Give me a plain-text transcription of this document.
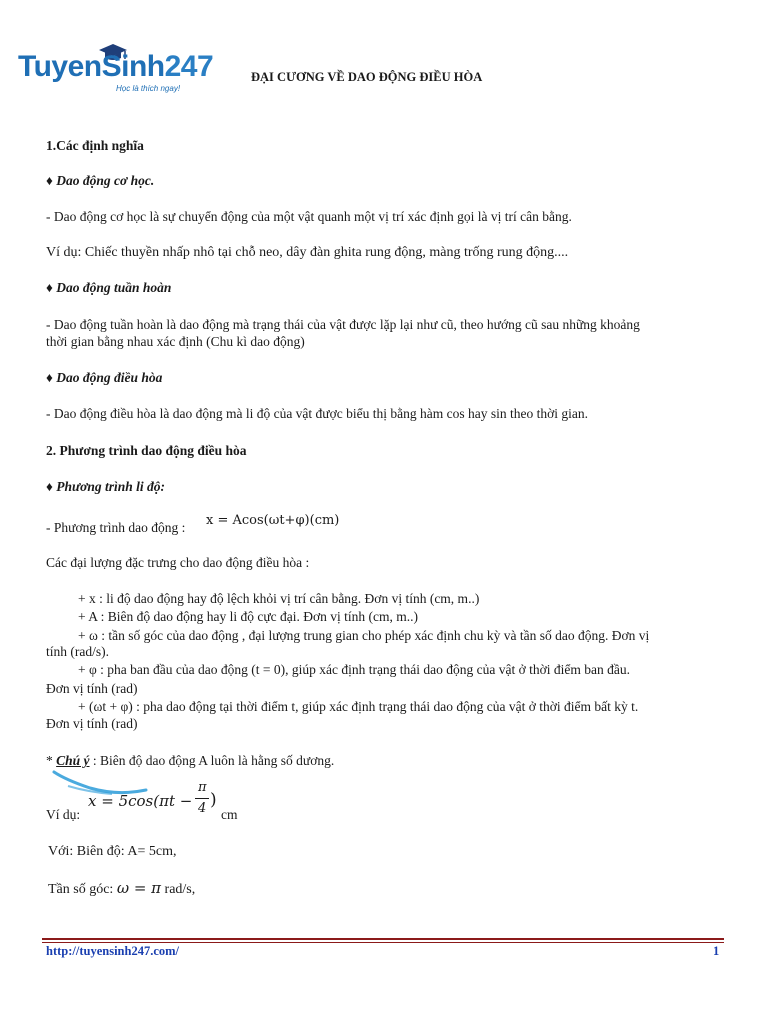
TuyenSinh247
Học là thích ngay!
ĐẠI CƯƠNG VỀ DAO ĐỘNG ĐIỀU HÒA
1.Các định nghĩa
♦ Dao động cơ học.
- Dao động cơ học là sự chuyển động của một vật quanh một vị trí xác định gọi là vị trí cân bằng.
Ví dụ: Chiếc thuyền nhấp nhô tại chỗ neo, dây đàn ghita rung động, màng trống rung động....
♦ Dao động tuần hoàn
- Dao động tuần hoàn là dao động mà trạng thái của vật được lặp lại như cũ, theo hướng cũ sau những khoảng
thời gian bằng nhau xác định (Chu kì dao động)
♦ Dao động điều hòa
- Dao động điều hòa là dao động mà li độ của vật được biểu thị bằng hàm cos hay sin theo thời gian.
2. Phương trình dao động điều hòa
♦ Phương trình li độ:
- Phương trình dao động : x = Acos(ωt+φ)(cm)
Các đại lượng đặc trưng cho dao động điều hòa :
+ x : li độ dao động hay độ lệch khỏi vị trí cân bằng. Đơn vị tính (cm, m..)
+ A : Biên độ dao động hay li độ cực đại. Đơn vị tính (cm, m..)
+ ω : tần số góc của dao động , đại lượng trung gian cho phép xác định chu kỳ và tần số dao động. Đơn vị
tính (rad/s).
+ φ : pha ban đầu của dao động (t = 0), giúp xác định trạng thái dao động của vật ở thời điểm ban đầu.
Đơn vị tính (rad)
+ (ωt + φ) : pha dao động tại thời điểm t, giúp xác định trạng thái dao động của vật ở thời điểm bất kỳ t.
Đơn vị tính (rad)
* Chú ý : Biên độ dao động A luôn là hằng số dương.
Ví dụ:
x = 5cos(πt −
π
4 )
cm
Với: Biên độ: A= 5cm,
Tần số góc: ω = π rad/s,
http://tuyensinh247.com/	1
